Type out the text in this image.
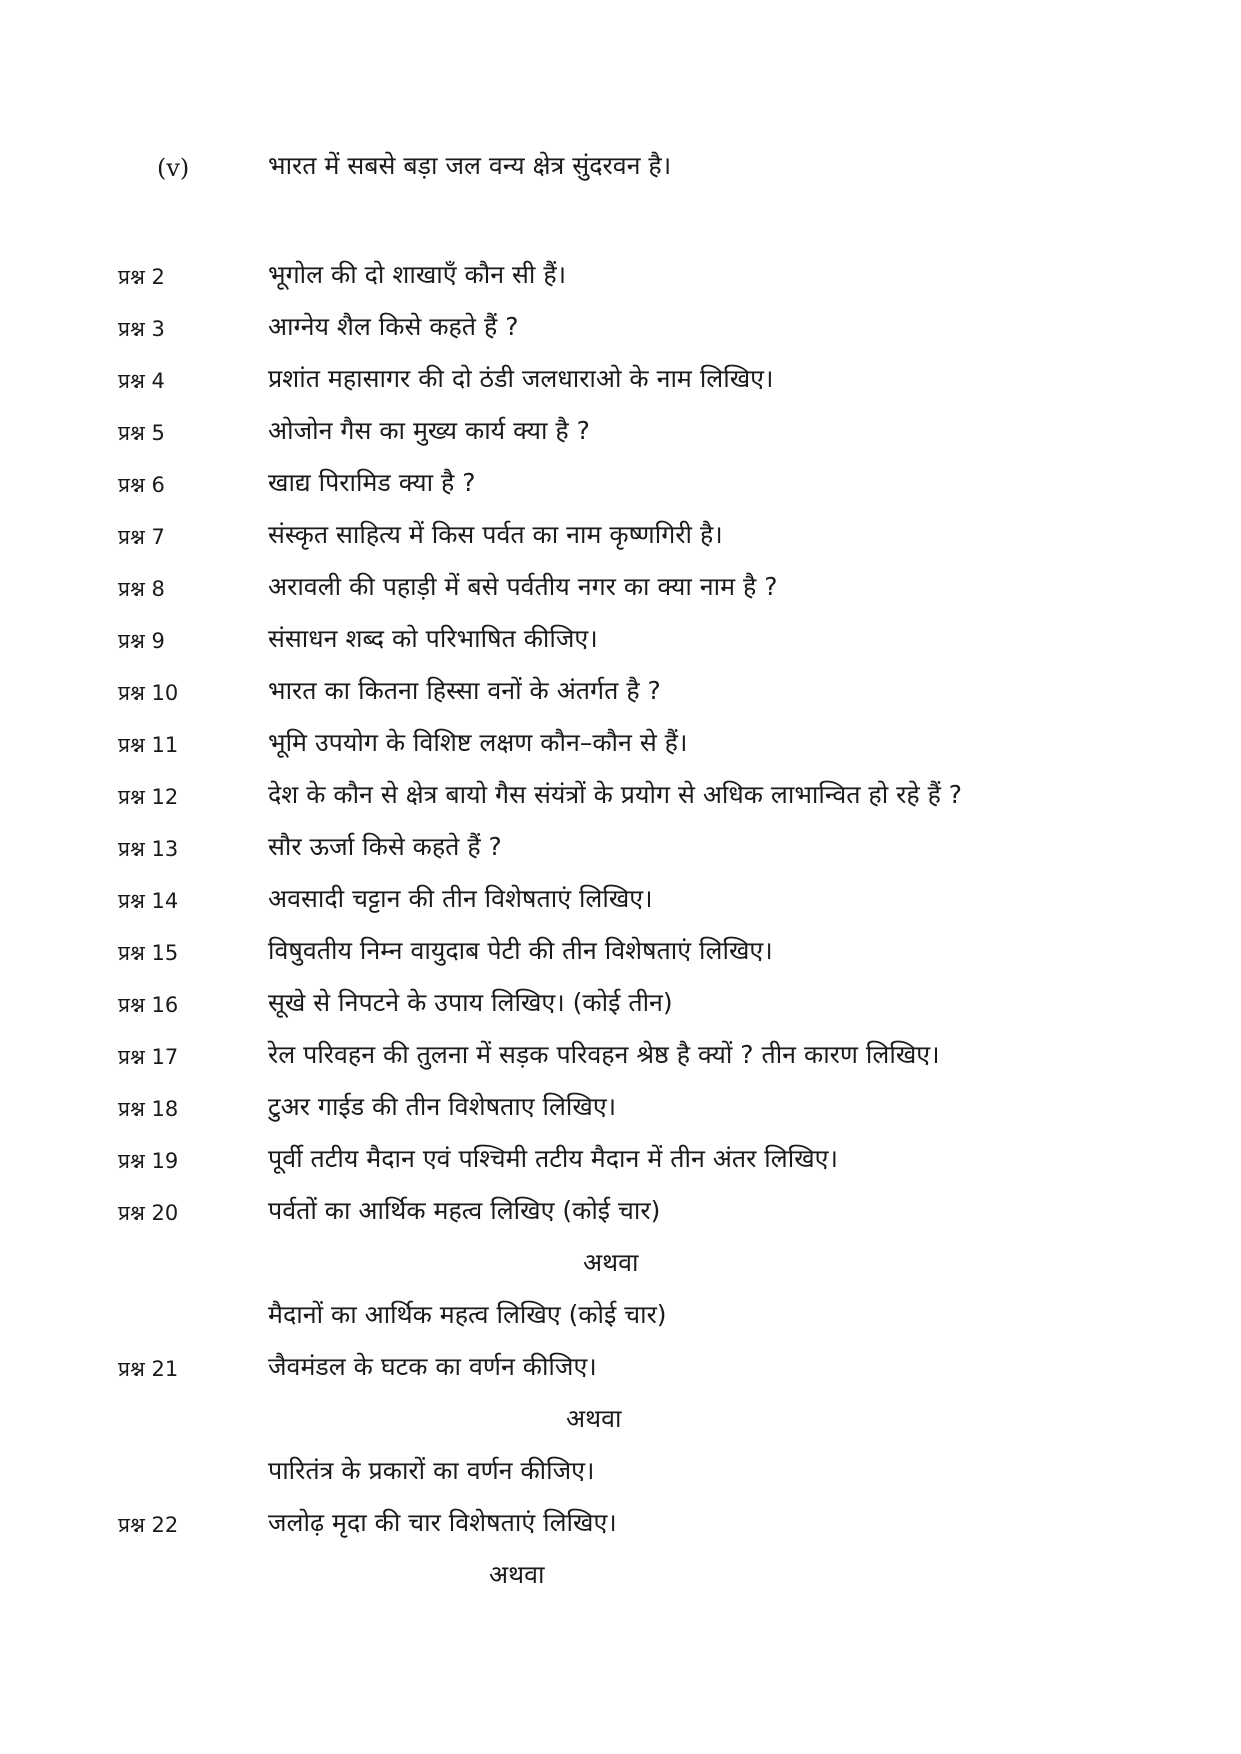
(v)	भारत में सबसे बड़ा जल वन्य क्षेत्र सुंदरवन है।
प्रश्न 2	भूगोल की दो शाखाएँ कौन सी हैं।
प्रश्न 3	आग्नेय शैल किसे कहते हैं ?
प्रश्न 4	प्रशांत महासागर की दो ठंडी जलधाराओ के नाम लिखिए।
प्रश्न 5	ओजोन गैस का मुख्य कार्य क्या है ?
प्रश्न 6	खाद्य पिरामिड क्या है ?
प्रश्न 7	संस्कृत साहित्य में किस पर्वत का नाम कृष्णगिरी है।
प्रश्न 8	अरावली की पहाड़ी में बसे पर्वतीय नगर का क्या नाम है ?
प्रश्न 9	संसाधन शब्द को परिभाषित कीजिए।
प्रश्न 10	भारत का कितना हिस्सा वनों के अंतर्गत है ?
प्रश्न 11	भूमि उपयोग के विशिष्ट लक्षण कौन–कौन से हैं।
प्रश्न 12	देश के कौन से क्षेत्र बायो गैस संयंत्रों के प्रयोग से अधिक लाभान्वित हो रहे हैं ?
प्रश्न 13	सौर ऊर्जा किसे कहते हैं ?
प्रश्न 14	अवसादी चट्टान की तीन विशेषताएं लिखिए।
प्रश्न 15	विषुवतीय निम्न वायुदाब पेटी की तीन विशेषताएं लिखिए।
प्रश्न 16	सूखे से निपटने के उपाय लिखिए। (कोई तीन)
प्रश्न 17	रेल परिवहन की तुलना में सड़क परिवहन श्रेष्ठ है क्यों ? तीन कारण लिखिए।
प्रश्न 18	टुअर गाईड की तीन विशेषताए लिखिए।
प्रश्न 19	पूर्वी तटीय मैदान एवं पश्चिमी तटीय मैदान में तीन अंतर लिखिए।
प्रश्न 20	पर्वतों का आर्थिक महत्व लिखिए (कोई चार)
अथवा
मैदानों का आर्थिक महत्व लिखिए (कोई चार)
प्रश्न 21	जैवमंडल के घटक का वर्णन कीजिए।
अथवा
पारितंत्र के प्रकारों का वर्णन कीजिए।
प्रश्न 22	जलोढ़ मृदा की चार विशेषताएं लिखिए।
अथवा
